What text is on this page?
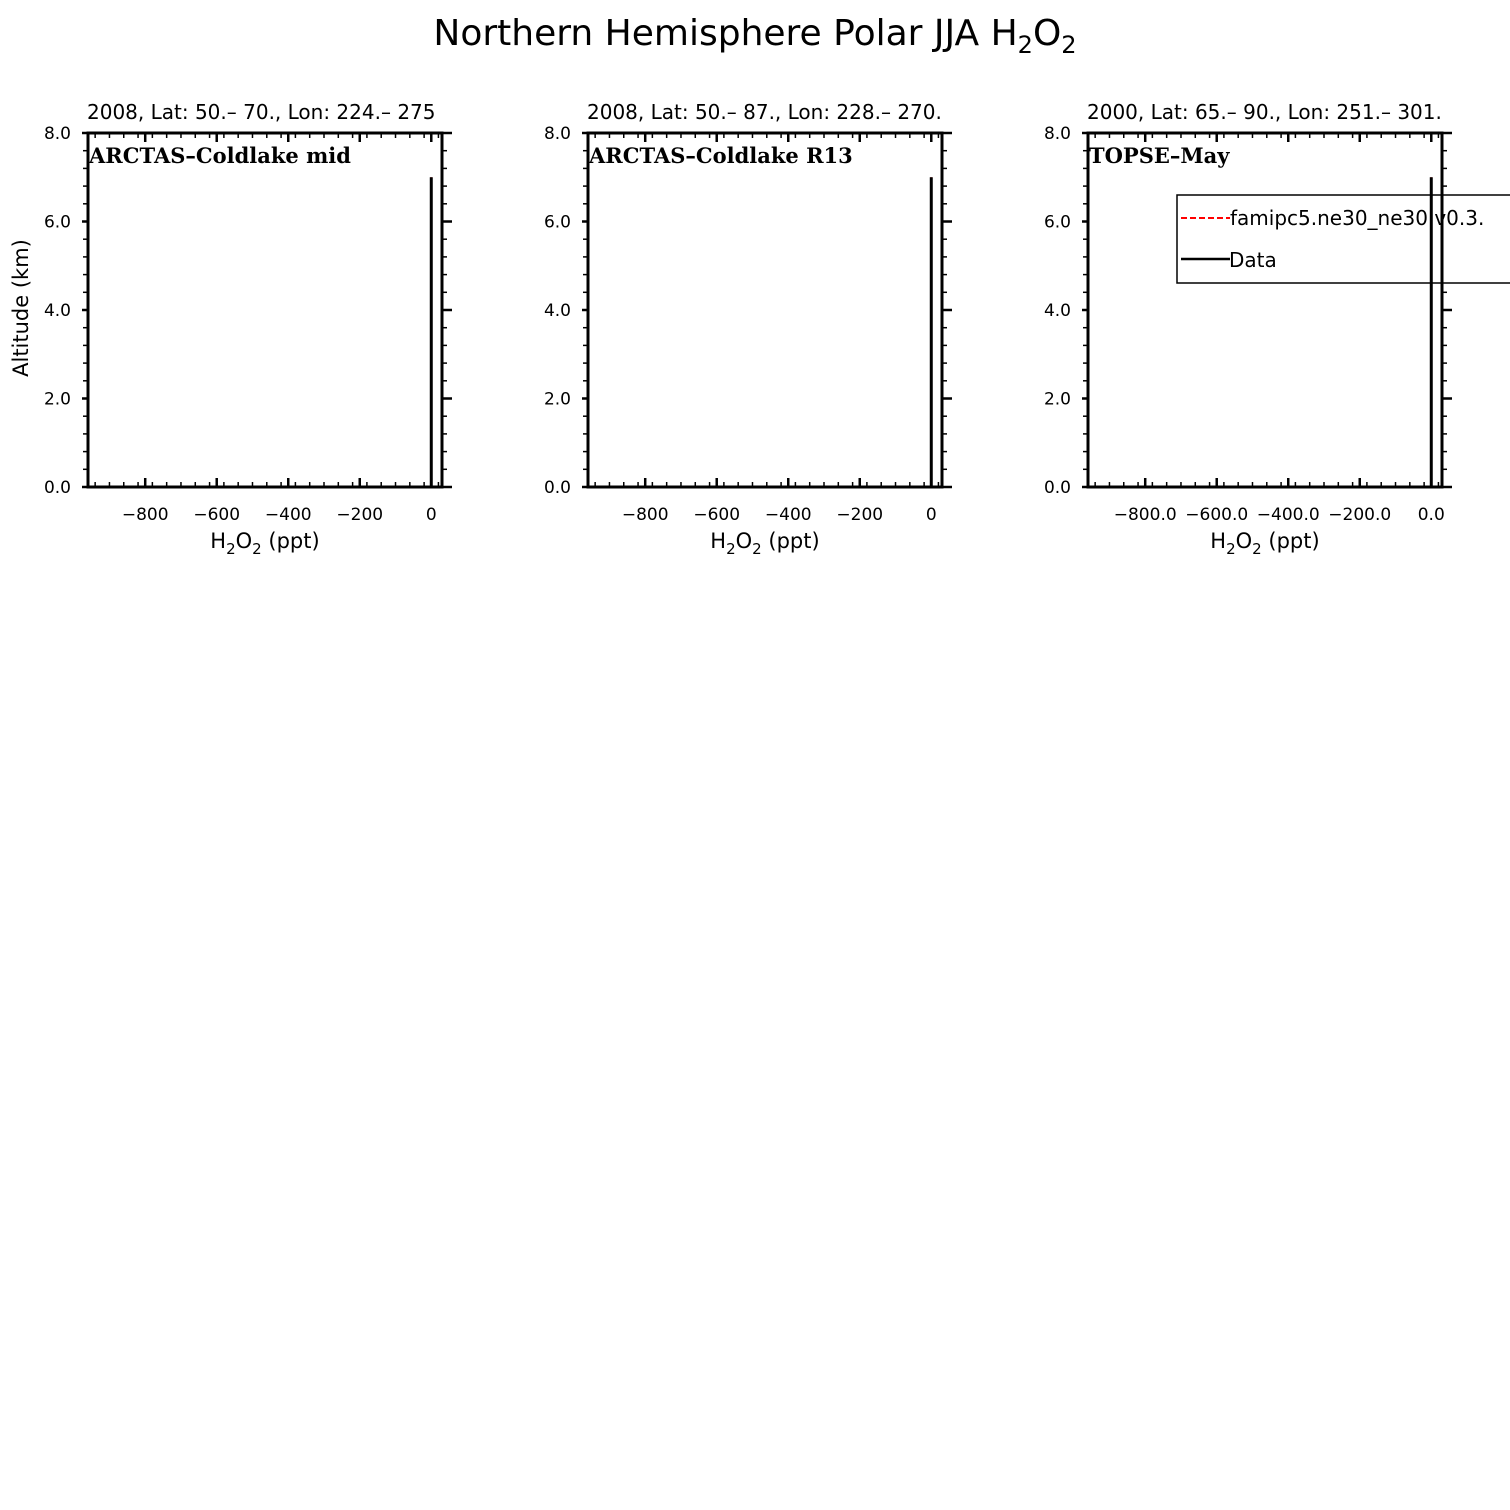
Northern Hemisphere Polar JJA $H_2O_2$
2008, Lat: 50.– 70., Lon: 224.– 275
ARCTAS–Coldlake mid
0.0
2.0
4.0
6.0
8.0
−800 −600 −400 −200	0
$H_2O_2$ (ppt)
Altitude (km)
2008, Lat: 50.– 87., Lon: 228.– 270.
ARCTAS–Coldlake R13
0.0
2.0
4.0
6.0
8.0
−800 −600 −400 −200	0
$H_2O_2$ (ppt)
2000, Lat: 65.– 90., Lon: 251.– 301.
TOPSE–May
0.0
2.0
4.0
6.0
8.0
−800.0 −600.0 −400.0 −200.0 0.0
$H_2O_2$ (ppt)
famipc5.ne30_ne30.v0.3.
Data
